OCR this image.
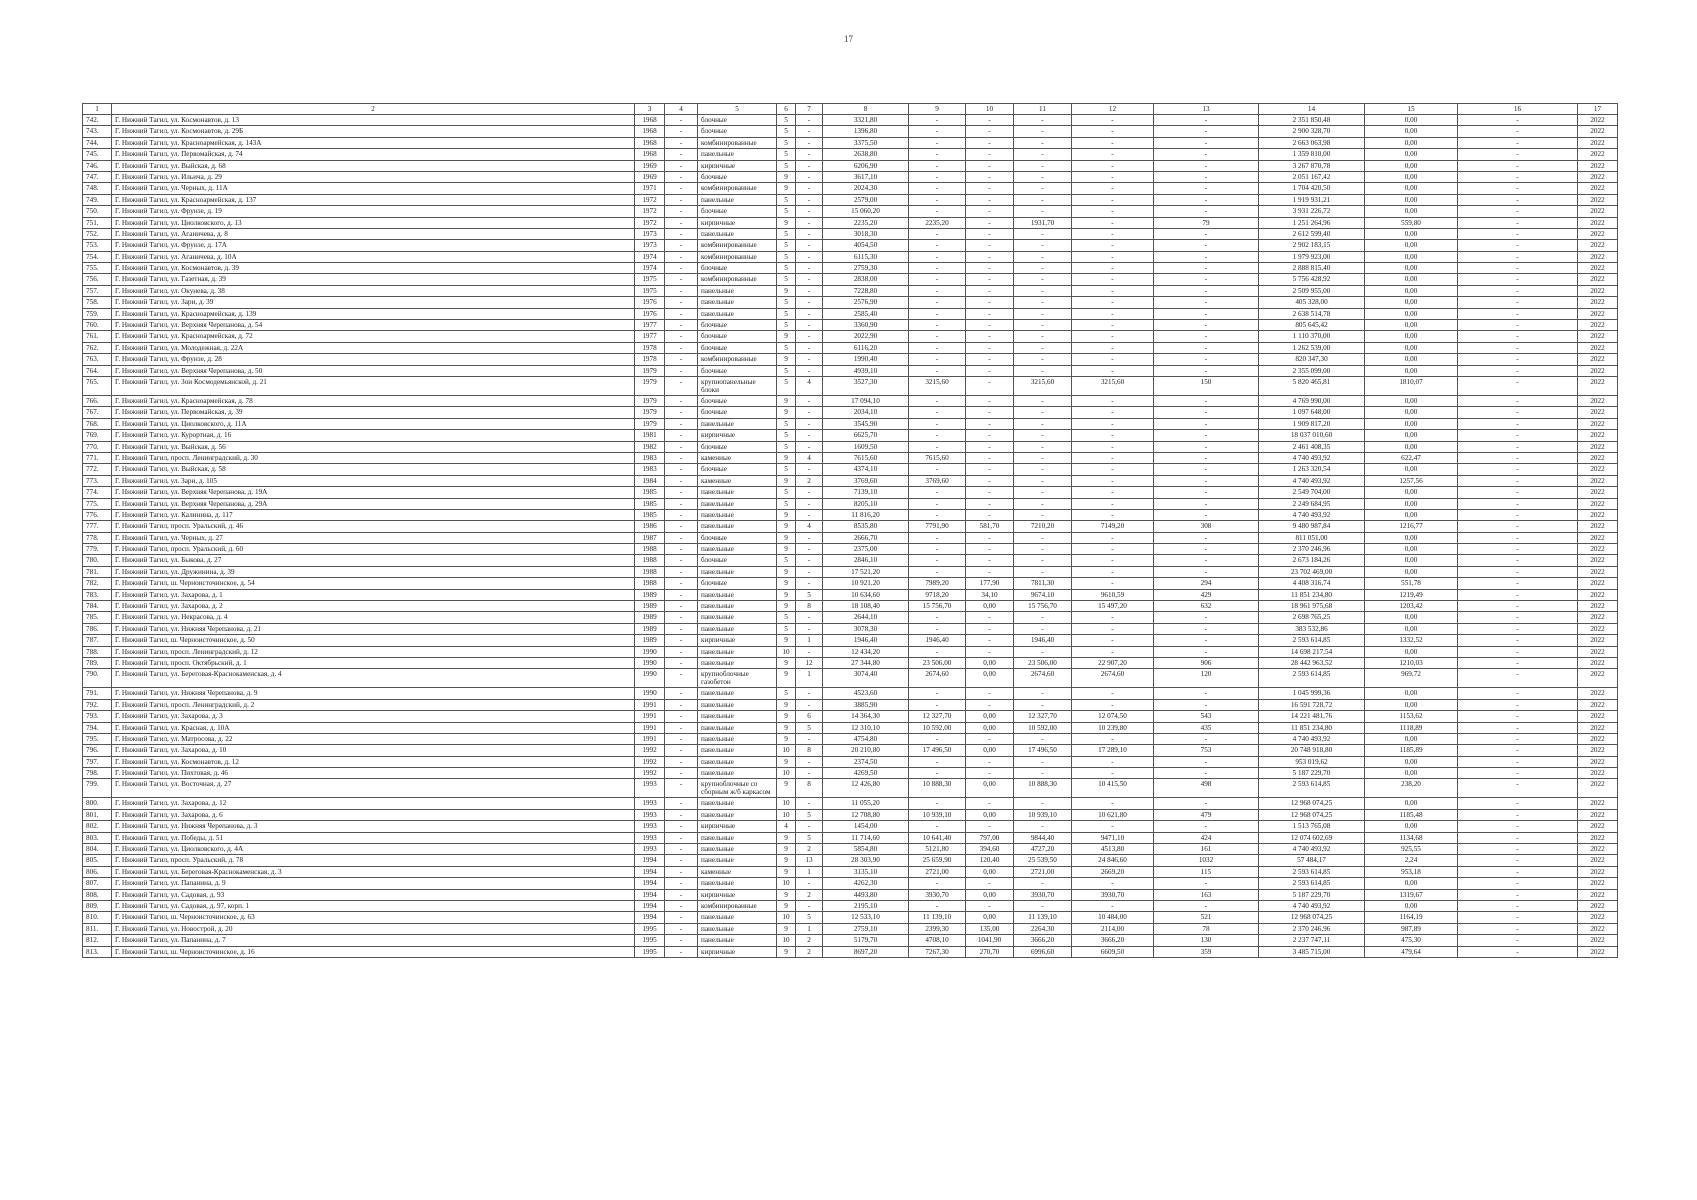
17
1	2	3	4	5	6	7	8	9	10	11	12	13	14	15	16	17
742.	Г. Нижний Тагил, ул. Космонавтов, д. 13	1968	-	блочные	5	-	3321,80	-	-	-	-	-	2 351 850,48	0,00	-	2022
743.	Г. Нижний Тагил, ул. Космонавтов, д. 29Б	1968	-	блочные	5	-	1396,80	-	-	-	-	-	2 900 328,70	0,00	-	2022
744.	Г. Нижний Тагил, ул. Красноармейская, д. 143А	1968	-	комбинированные	5	-	3375,50	-	-	-	-	-	2 663 063,98	0,00	-	2022
745.	Г. Нижний Тагил, ул. Первомайская, д. 74	1968	-	панельные	5	-	2638,80	-	-	-	-	-	1 359 810,00	0,00	-	2022
746.	Г. Нижний Тагил, ул. Выйская, д. 68	1969	-	кирпичные	5	-	6206,90	-	-	-	-	-	3 267 870,78	0,00	-	2022
747.	Г. Нижний Тагил, ул. Ильича, д. 29	1969	-	блочные	9	-	3617,10	-	-	-	-	-	2 051 167,42	0,00	-	2022
748.	Г. Нижний Тагил, ул. Черных, д. 11А	1971	-	комбинированные	9	-	2024,30	-	-	-	-	-	1 704 420,50	0,00	-	2022
749.	Г. Нижний Тагил, ул. Красноармейская, д. 137	1972	-	панельные	5	-	2579,00	-	-	-	-	-	1 919 931,21	0,00	-	2022
750.	Г. Нижний Тагил, ул. Фрунзе, д. 19	1972	-	блочные	5	-	15 060,20	-	-	-	-	-	3 931 226,72	0,00	-	2022
751.	Г. Нижний Тагил, ул. Циолковского, д. 13	1972	-	кирпичные	9	-	2235,20	2235,20	-	1931,70	-	79	1 251 264,96	559,80	-	2022
752.	Г. Нижний Тагил, ул. Аганичева, д. 8	1973	-	панельные	5	-	3018,30	-	-	-	-	-	2 612 599,40	0,00	-	2022
753.	Г. Нижний Тагил, ул. Фрунзе, д. 17А	1973	-	комбинированные	5	-	4054,50	-	-	-	-	-	2 902 183,15	0,00	-	2022
754.	Г. Нижний Тагил, ул. Аганичева, д. 10А	1974	-	комбинированные	5	-	6115,30	-	-	-	-	-	1 979 923,00	0,00	-	2022
755.	Г. Нижний Тагил, ул. Космонавтов, д. 39	1974	-	блочные	5	-	2759,30	-	-	-	-	-	2 888 815,40	0,00	-	2022
756.	Г. Нижний Тагил, ул. Газетная, д. 39	1975	-	комбинированные	5	-	2838,00	-	-	-	-	-	5 756 428,92	0,00	-	2022
757.	Г. Нижний Тагил, ул. Окунева, д. 38	1975	-	панельные	9	-	7228,80	-	-	-	-	-	2 509 955,00	0,00	-	2022
758.	Г. Нижний Тагил, ул. Зари, д. 39	1976	-	панельные	5	-	2576,90	-	-	-	-	-	405 328,00	0,00	-	2022
759.	Г. Нижний Тагил, ул. Красноармейская, д. 139	1976	-	панельные	5	-	2585,40	-	-	-	-	-	2 638 514,78	0,00	-	2022
760.	Г. Нижний Тагил, ул. Верхняя Черепанова, д. 54	1977	-	блочные	5	-	3360,90	-	-	-	-	-	805 645,42	0,00	-	2022
761.	Г. Нижний Тагил, ул. Красноармейская, д. 72	1977	-	блочные	9	-	2022,90	-	-	-	-	-	1 110 370,00	0,00	-	2022
762.	Г. Нижний Тагил, ул. Молодежная, д. 22А	1978	-	блочные	5	-	6116,20	-	-	-	-	-	1 262 539,00	0,00	-	2022
763.	Г. Нижний Тагил, ул. Фрунзе, д. 28	1978	-	комбинированные	9	-	1990,40	-	-	-	-	-	820 347,30	0,00	-	2022
764.	Г. Нижний Тагил, ул. Верхняя Черепанова, д. 50	1979	-	блочные	5	-	4939,10	-	-	-	-	-	2 355 099,00	0,00	-	2022
765.	Г. Нижний Тагил, ул. Зои Космодемьянской, д. 21	1979	-	крупнопанельные блоки	5	4	3527,30	3215,60	-	3215,60	3215,60	150	5 820 465,81	1810,07	-	2022
766.	Г. Нижний Тагил, ул. Красноармейская, д. 78	1979	-	блочные	9	-	17 094,10	-	-	-	-	-	4 769 990,00	0,00	-	2022
767.	Г. Нижний Тагил, ул. Первомайская, д. 39	1979	-	блочные	9	-	2034,10	-	-	-	-	-	1 097 648,00	0,00	-	2022
768.	Г. Нижний Тагил, ул. Циолковского, д. 11А	1979	-	панельные	5	-	3545,90	-	-	-	-	-	1 909 817,20	0,00	-	2022
769.	Г. Нижний Тагил, ул. Курортная, д. 16	1981	-	кирпичные	5	-	6625,70	-	-	-	-	-	18 037 010,60	0,00	-	2022
770.	Г. Нижний Тагил, ул. Выйская, д. 56	1982	-	блочные	5	-	1609,50	-	-	-	-	-	2 461 408,35	0,00	-	2022
771.	Г. Нижний Тагил, просп. Ленинградский, д. 30	1983	-	каменные	9	4	7615,60	7615,60	-	-	-	-	4 740 493,92	622,47	-	2022
772.	Г. Нижний Тагил, ул. Выйская, д. 58	1983	-	блочные	5	-	4374,10	-	-	-	-	-	1 263 320,54	0,00	-	2022
773.	Г. Нижний Тагил, ул. Зари, д. 105	1984	-	каменные	9	2	3769,60	3769,60	-	-	-	-	4 740 493,92	1257,56	-	2022
774.	Г. Нижний Тагил, ул. Верхняя Черепанова, д. 19А	1985	-	панельные	5	-	7139,10	-	-	-	-	-	2 549 704,00	0,00	-	2022
775.	Г. Нижний Тагил, ул. Верхняя Черепанова, д. 29А	1985	-	панельные	5	-	8205,10	-	-	-	-	-	2 249 684,95	0,00	-	2022
776.	Г. Нижний Тагил, ул. Калинина, д. 117	1985	-	панельные	9	-	11 816,20	-	-	-	-	-	4 740 493,92	0,00	-	2022
777.	Г. Нижний Тагил, просп. Уральский, д. 46	1986	-	панельные	9	4	8535,80	7791,90	581,70	7210,20	7149,20	308	9 480 987,84	1216,77	-	2022
778.	Г. Нижний Тагил, ул. Черных, д. 27	1987	-	блочные	9	-	2666,70	-	-	-	-	-	811 051,00	0,00	-	2022
779.	Г. Нижний Тагил, просп. Уральский, д. 60	1988	-	панельные	9	-	2375,00	-	-	-	-	-	2 370 246,96	0,00	-	2022
780.	Г. Нижний Тагил, ул. Быкова, д. 27	1988	-	блочные	5	-	2846,10	-	-	-	-	-	2 673 184,26	0,00	-	2022
781.	Г. Нижний Тагил, ул. Дружинина, д. 39	1988	-	панельные	9	-	17 521,20	-	-	-	-	-	23 702 469,00	0,00	-	2022
782.	Г. Нижний Тагил, ш. Черноисточинское, д. 54	1988	-	блочные	9	-	10 921,20	7989,20	177,90	7811,30	-	294	4 408 316,74	551,78	-	2022
783.	Г. Нижний Тагил, ул. Захарова, д. 1	1989	-	панельные	9	5	10 634,60	9718,20	34,10	9674,10	9610,59	429	11 851 234,80	1219,49	-	2022
784.	Г. Нижний Тагил, ул. Захарова, д. 2	1989	-	панельные	9	8	18 108,40	15 756,70	0,00	15 756,70	15 497,20	632	18 961 975,68	1203,42	-	2022
785.	Г. Нижний Тагил, ул. Некрасова, д. 4	1989	-	панельные	5	-	2644,10	-	-	-	-	-	2 698 765,25	0,00	-	2022
786.	Г. Нижний Тагил, ул. Нижняя Черепанова, д. 21	1989	-	панельные	5	-	3078,30	-	-	-	-	-	383 532,86	0,00	-	2022
787.	Г. Нижний Тагил, ш. Черноисточинское, д. 50	1989	-	кирпичные	9	1	1946,40	1946,40	-	1946,40	-	-	2 593 614,85	1332,52	-	2022
788.	Г. Нижний Тагил, просп. Ленинградский, д. 12	1990	-	панельные	10	-	12 434,20	-	-	-	-	-	14 698 217,54	0,00	-	2022
789.	Г. Нижний Тагил, просп. Октябрьский, д. 1	1990	-	панельные	9	12	27 344,80	23 506,00	0,00	23 506,00	22 907,20	906	28 442 963,52	1210,03	-	2022
790.	Г. Нижний Тагил, ул. Береговая-Краснокаменская, д. 4	1990	-	крупноблочные газобетон	9	1	3074,40	2674,60	0,00	2674,60	2674,60	120	2 593 614,85	969,72	-	2022
791.	Г. Нижний Тагил, ул. Нижняя Черепанова, д. 9	1990	-	панельные	5	-	4523,60	-	-	-	-	-	1 045 999,36	0,00	-	2022
792.	Г. Нижний Тагил, просп. Ленинградский, д. 2	1991	-	панельные	9	-	3885,90	-	-	-	-	-	16 591 728,72	0,00	-	2022
793.	Г. Нижний Тагил, ул. Захарова, д. 3	1991	-	панельные	9	6	14 364,30	12 327,70	0,00	12 327,70	12 074,50	543	14 221 481,76	1153,62	-	2022
794.	Г. Нижний Тагил, ул. Красная, д. 10А	1991	-	панельные	9	5	12 310,10	10 592,00	0,00	10 592,00	10 239,80	435	11 851 234,80	1118,89	-	2022
795.	Г. Нижний Тагил, ул. Матросова, д. 22	1991	-	панельные	9	-	4754,80	-	-	-	-	-	4 740 493,92	0,00	-	2022
796.	Г. Нижний Тагил, ул. Захарова, д. 10	1992	-	панельные	10	8	20 210,80	17 496,50	0,00	17 496,50	17 289,10	753	20 748 918,80	1185,89	-	2022
797.	Г. Нижний Тагил, ул. Космонавтов, д. 12	1992	-	панельные	9	-	2374,50	-	-	-	-	-	953 019,62	0,00	-	2022
798.	Г. Нижний Тагил, ул. Пихтовая, д. 46	1992	-	панельные	10	-	4269,50	-	-	-	-	-	5 187 229,70	0,00	-	2022
799.	Г. Нижний Тагил, ул. Восточная, д. 27	1993	-	крупноблочные со сборным ж/б каркасом	9	8	12 426,80	10 888,30	0,00	10 888,30	10 415,50	498	2 593 614,85	238,20	-	2022
800.	Г. Нижний Тагил, ул. Захарова, д. 12	1993	-	панельные	10	-	11 055,20	-	-	-	-	-	12 968 074,25	0,00	-	2022
801.	Г. Нижний Тагил, ул. Захарова, д. 6	1993	-	панельные	10	5	12 708,80	10 939,10	0,00	10 939,10	10 621,80	479	12 968 074,25	1185,48	-	2022
802.	Г. Нижний Тагил, ул. Нижняя Черепанова, д. 3	1993	-	кирпичные	4	-	1454,00	-	-	-	-	-	1 513 765,08	0,00	-	2022
803.	Г. Нижний Тагил, ул. Победы, д. 51	1993	-	панельные	9	5	11 714,60	10 641,40	797,00	9844,40	9471,10	424	12 074 602,69	1134,68	-	2022
804.	Г. Нижний Тагил, ул. Циолковского, д. 4А	1993	-	панельные	9	2	5854,80	5121,80	394,60	4727,20	4513,80	161	4 740 493,92	925,55	-	2022
805.	Г. Нижний Тагил, просп. Уральский, д. 78	1994	-	панельные	9	13	28 303,90	25 659,90	120,40	25 539,50	24 846,60	1032	57 484,17	2,24	-	2022
806.	Г. Нижний Тагил, ул. Береговая-Краснокаменская, д. 3	1994	-	каменные	9	1	3135,10	2721,00	0,00	2721,00	2669,20	115	2 593 614,85	953,18	-	2022
807.	Г. Нижний Тагил, ул. Папанина, д. 9	1994	-	панельные	10	-	4262,30	-	-	-	-	-	2 593 614,85	0,00	-	2022
808.	Г. Нижний Тагил, ул. Садовая, д. 93	1994	-	кирпичные	9	2	4493,80	3930,70	0,00	3930,70	3930,70	163	5 187 229,70	1319,67	-	2022
809.	Г. Нижний Тагил, ул. Садовая, д. 97, корп. 1	1994	-	комбинированные	9	-	2195,10	-	-	-	-	-	4 740 493,92	0,00	-	2022
810.	Г. Нижний Тагил, ш. Черноисточинское, д. 63	1994	-	панельные	10	5	12 533,10	11 139,10	0,00	11 139,10	10 484,00	521	12 968 074,25	1164,19	-	2022
811.	Г. Нижний Тагил, ул. Новострой, д. 20	1995	-	панельные	9	1	2759,10	2399,30	135,00	2264,30	2114,00	78	2 370 246,96	987,89	-	2022
812.	Г. Нижний Тагил, ул. Папанина, д. 7	1995	-	панельные	10	2	5179,70	4708,10	1041,90	3666,20	3666,20	130	2 237 747,11	475,30	-	2022
813.	Г. Нижний Тагил, ш. Черноисточинское, д. 16	1995	-	кирпичные	9	2	8697,20	7267,30	270,70	6996,60	6609,50	359	3 485 715,00	479,64	-	2022
